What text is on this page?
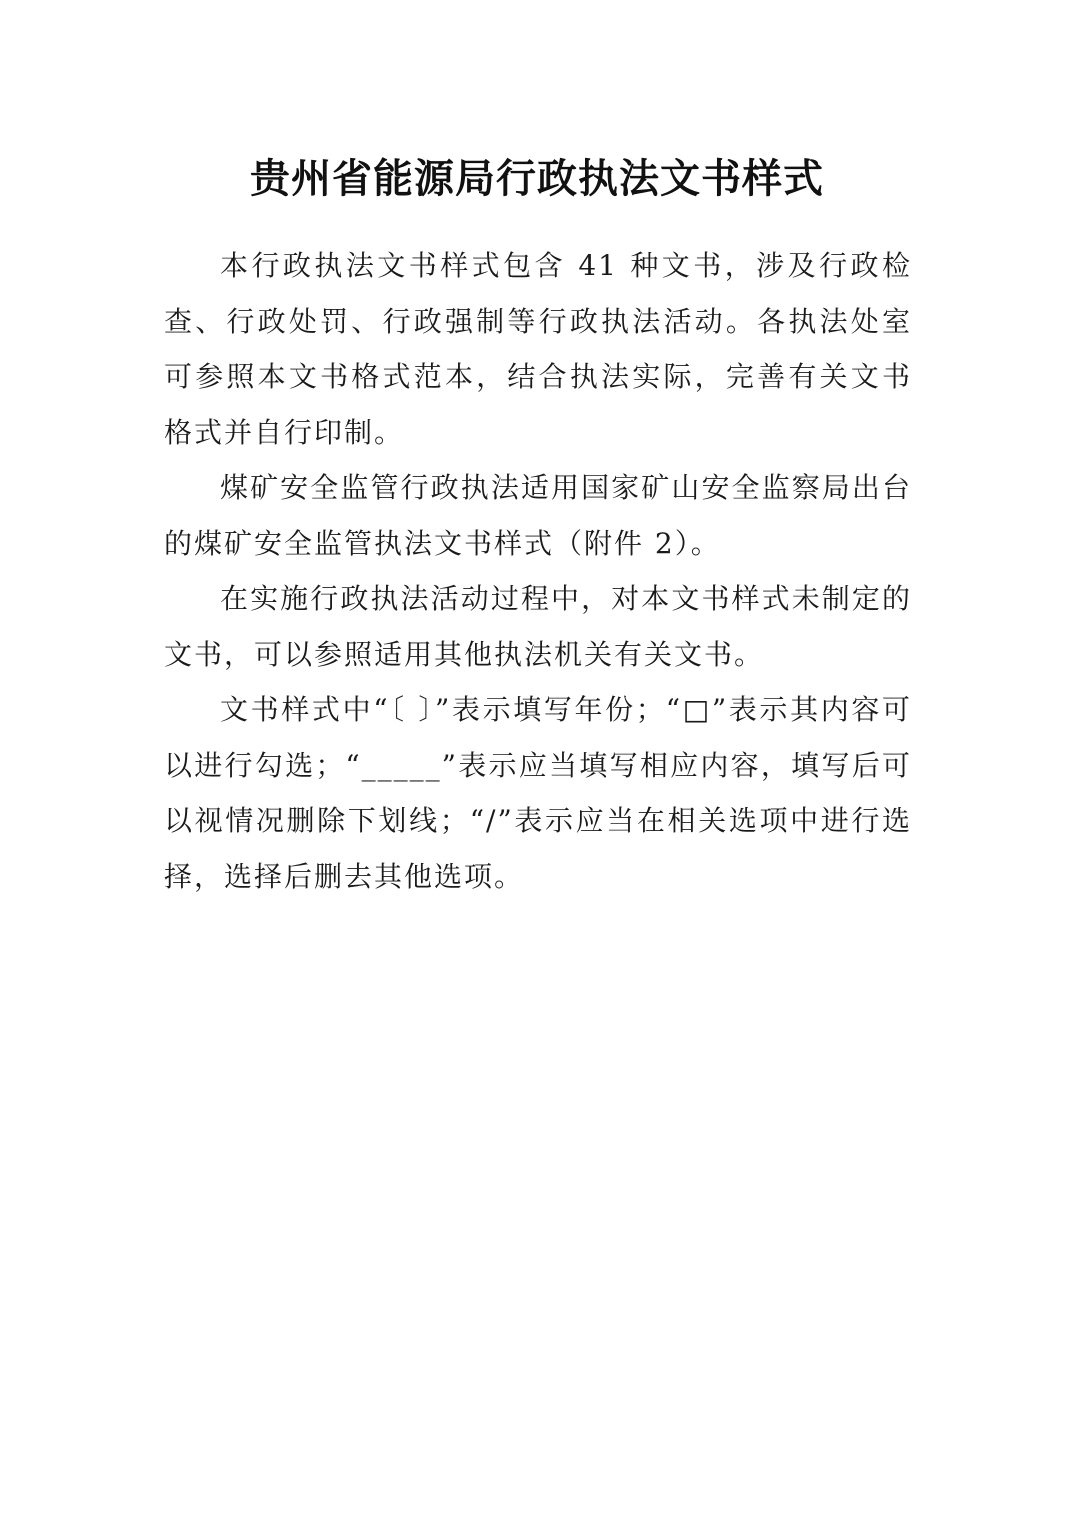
贵州省能源局行政执法文书样式

本行政执法文书样式包含 41 种文书，涉及行政检查、行政处罚、行政强制等行政执法活动。各执法处室可参照本文书格式范本，结合执法实际，完善有关文书格式并自行印制。

煤矿安全监管行政执法适用国家矿山安全监察局出台的煤矿安全监管执法文书样式（附件 2）。

在实施行政执法活动过程中，对本文书样式未制定的文书，可以参照适用其他执法机关有关文书。

文书样式中“〔 〕”表示填写年份；“□”表示其内容可以进行勾选；“_____”表示应当填写相应内容，填写后可以视情况删除下划线；“/”表示应当在相关选项中进行选择，选择后删去其他选项。
